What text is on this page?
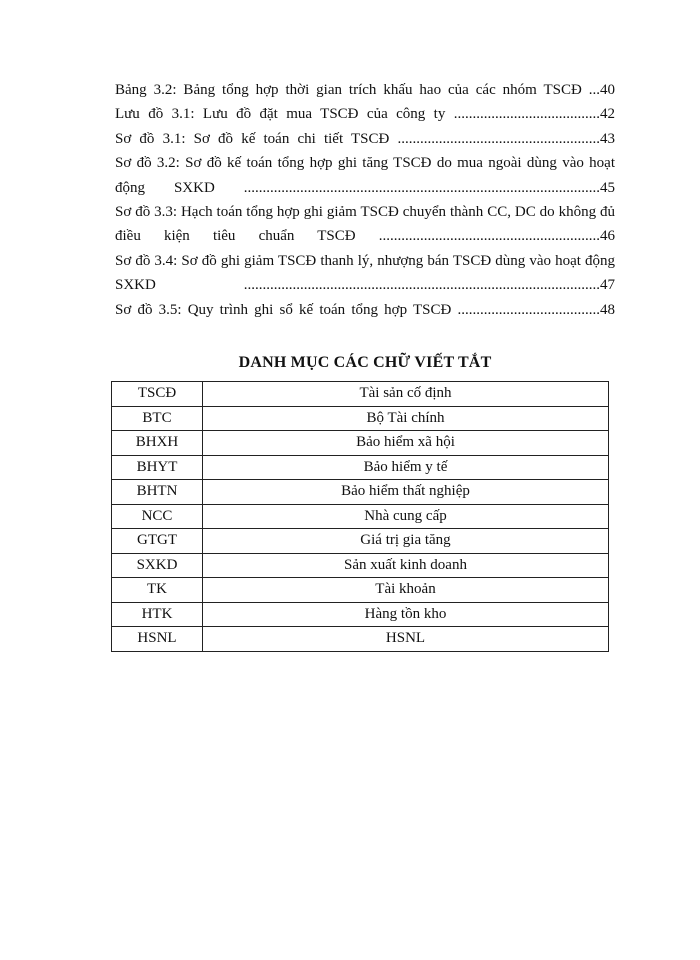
Bảng 3.2: Bảng tổng hợp thời gian trích khấu hao của các nhóm TSCĐ ...40

Lưu đồ 3.1: Lưu đồ đặt mua TSCĐ của công ty .......................................42

Sơ đồ 3.1: Sơ đồ kế toán chi tiết TSCĐ ......................................................43

Sơ đồ 3.2: Sơ đồ kế toán tổng hợp ghi tăng TSCĐ do mua ngoài dùng vào hoạt động SXKD ...............................................................................................45

Sơ đồ 3.3: Hạch toán tổng hợp ghi giảm TSCĐ chuyển thành CC, DC do không đủ điều kiện tiêu chuẩn TSCĐ ...........................................................46

Sơ đồ 3.4: Sơ đồ ghi giảm TSCĐ thanh lý, nhượng bán TSCĐ dùng vào hoạt động SXKD ...............................................................................................47

Sơ đồ 3.5: Quy trình ghi sổ kế toán tổng hợp TSCĐ ......................................48

DANH MỤC CÁC CHỮ VIẾT TẮT
TSCĐ	Tài sản cố định
BTC	Bộ Tài chính
BHXH	Bảo hiểm xã hội
BHYT	Bảo hiểm y tế
BHTN	Bảo hiểm thất nghiệp
NCC	Nhà cung cấp
GTGT	Giá trị gia tăng
SXKD	Sản xuất kinh doanh
TK	Tài khoản
HTK	Hàng tồn kho
HSNL	HSNL
